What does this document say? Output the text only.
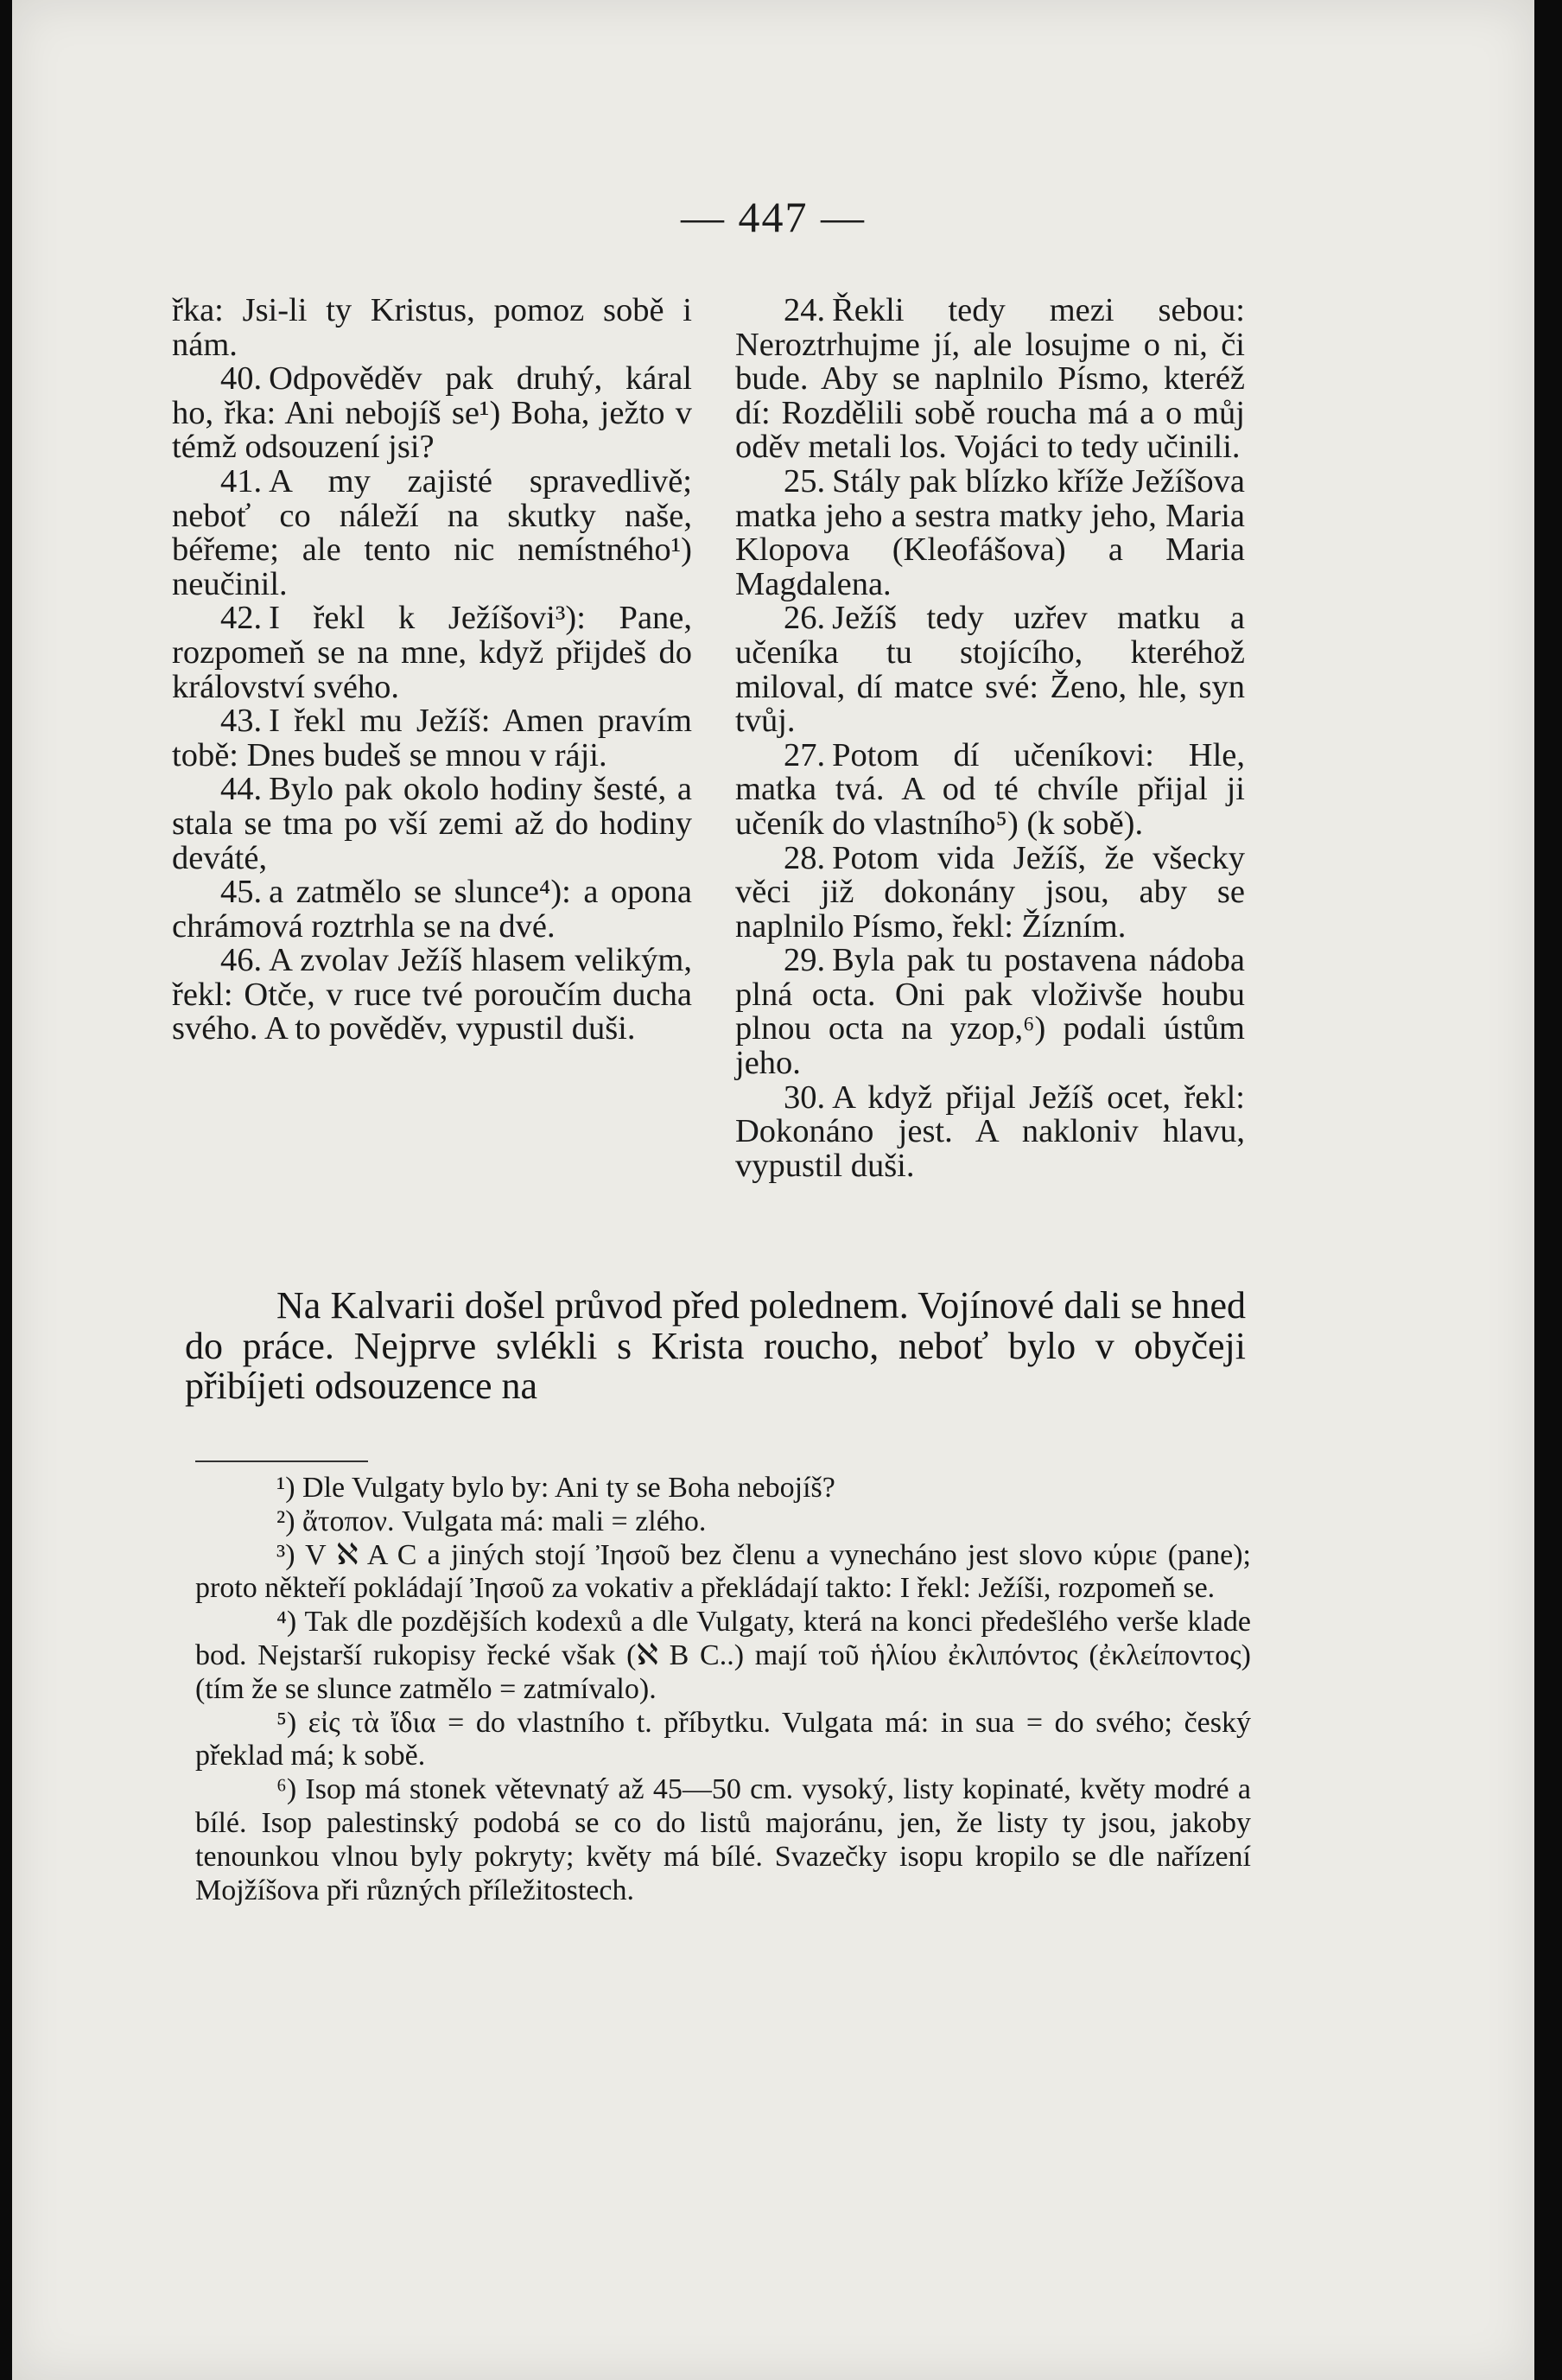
— 447 —

řka: Jsi-li ty Kristus, pomoz sobě i nám.

40. Odpověděv pak druhý, káral ho, řka: Ani nebojíš se¹) Boha, ježto v témž odsouzení jsi?

41. A my zajisté spravedlivě; neboť co náleží na skutky naše, béřeme; ale tento nic nemístného¹) neučinil.

42. I řekl k Ježíšovi³): Pane, rozpomeň se na mne, když přijdeš do království svého.

43. I řekl mu Ježíš: Amen pravím tobě: Dnes budeš se mnou v ráji.

44. Bylo pak okolo hodiny šesté, a stala se tma po vší zemi až do hodiny deváté,

45. a zatmělo se slunce⁴): a opona chrámová roztrhla se na dvé.

46. A zvolav Ježíš hlasem velikým, řekl: Otče, v ruce tvé poroučím ducha svého. A to pověděv, vypustil duši.

24. Řekli tedy mezi sebou: Neroztrhujme jí, ale losujme o ni, či bude. Aby se naplnilo Písmo, kteréž dí: Rozdělili sobě roucha má a o můj oděv metali los. Vojáci to tedy učinili.

25. Stály pak blízko kříže Ježíšova matka jeho a sestra matky jeho, Maria Klopova (Kleofášova) a Maria Magdalena.

26. Ježíš tedy uzřev matku a učeníka tu stojícího, kteréhož miloval, dí matce své: Ženo, hle, syn tvůj.

27. Potom dí učeníkovi: Hle, matka tvá. A od té chvíle přijal ji učeník do vlastního⁵) (k sobě).

28. Potom vida Ježíš, že všecky věci již dokonány jsou, aby se naplnilo Písmo, řekl: Žízním.

29. Byla pak tu postavena nádoba plná octa. Oni pak vloživše houbu plnou octa na yzop,⁶) podali ústům jeho.

30. A když přijal Ježíš ocet, řekl: Dokonáno jest. A nakloniv hlavu, vypustil duši.

Na Kalvarii došel průvod před polednem. Vojínové dali se hned do práce. Nejprve svlékli s Krista roucho, neboť bylo v obyčeji přibíjeti odsouzence na

¹) Dle Vulgaty bylo by: Ani ty se Boha nebojíš?

²) ἄτοπον. Vulgata má: mali = zlého.

³) V ℵ A C a jiných stojí Ἰησοῦ bez členu a vynecháno jest slovo κύριε (pane); proto někteří pokládají Ἰησοῦ za vokativ a překládají takto: I řekl: Ježíši, rozpomeň se.

⁴) Tak dle pozdějších kodexů a dle Vulgaty, která na konci předešlého verše klade bod. Nejstarší rukopisy řecké však (ℵ B C..) mají τοῦ ἡλίου ἐκλιπόντος (ἐκλείποντος) (tím že se slunce zatmělo = zatmívalo).

⁵) εἰς τὰ ἴδια = do vlastního t. příbytku. Vulgata má: in sua = do svého; český překlad má; k sobě.

⁶) Isop má stonek větevnatý až 45—50 cm. vysoký, listy kopinaté, květy modré a bílé. Isop palestinský podobá se co do listů majoránu, jen, že listy ty jsou, jakoby tenounkou vlnou byly pokryty; květy má bílé. Svazečky isopu kropilo se dle nařízení Mojžíšova při různých příležitostech.
